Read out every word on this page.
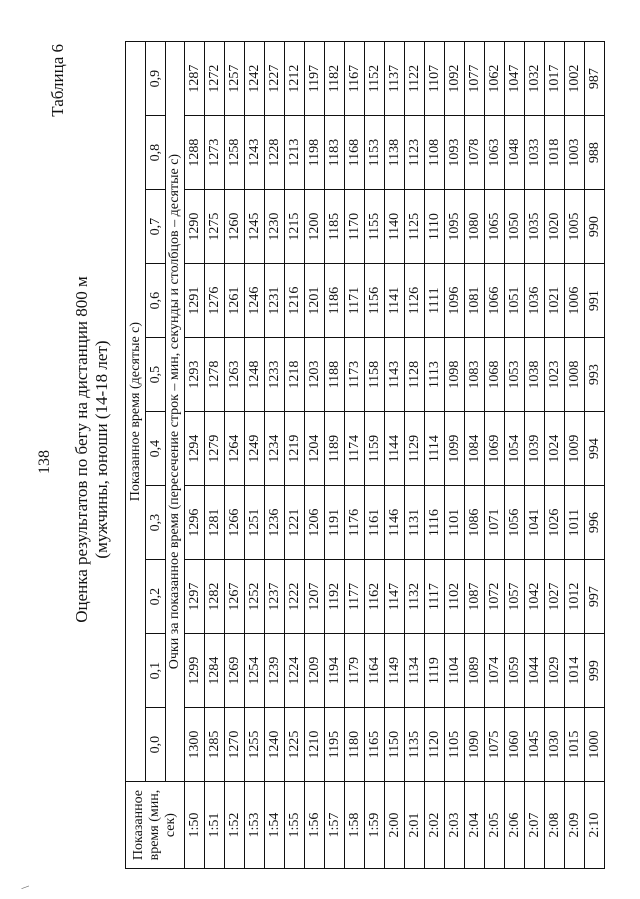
\
138
Таблица 6
Оценка результатов по бегу на дистанции 800 м (мужчины, юноши (14-18 лет)
Показанное время (мин, сек)	Показанное время (десятые с)									
	0,0	0,1	0,2	0,3	0,4	0,5	0,6	0,7	0,8	0,9
	Очки за показанное время (пересечение строк – мин, секунды и столбцов – десятые с)									
1:50	1300	1299	1297	1296	1294	1293	1291	1290	1288	1287
1:51	1285	1284	1282	1281	1279	1278	1276	1275	1273	1272
1:52	1270	1269	1267	1266	1264	1263	1261	1260	1258	1257
1:53	1255	1254	1252	1251	1249	1248	1246	1245	1243	1242
1:54	1240	1239	1237	1236	1234	1233	1231	1230	1228	1227
1:55	1225	1224	1222	1221	1219	1218	1216	1215	1213	1212
1:56	1210	1209	1207	1206	1204	1203	1201	1200	1198	1197
1:57	1195	1194	1192	1191	1189	1188	1186	1185	1183	1182
1:58	1180	1179	1177	1176	1174	1173	1171	1170	1168	1167
1:59	1165	1164	1162	1161	1159	1158	1156	1155	1153	1152
2:00	1150	1149	1147	1146	1144	1143	1141	1140	1138	1137
2:01	1135	1134	1132	1131	1129	1128	1126	1125	1123	1122
2:02	1120	1119	1117	1116	1114	1113	1111	1110	1108	1107
2:03	1105	1104	1102	1101	1099	1098	1096	1095	1093	1092
2:04	1090	1089	1087	1086	1084	1083	1081	1080	1078	1077
2:05	1075	1074	1072	1071	1069	1068	1066	1065	1063	1062
2:06	1060	1059	1057	1056	1054	1053	1051	1050	1048	1047
2:07	1045	1044	1042	1041	1039	1038	1036	1035	1033	1032
2:08	1030	1029	1027	1026	1024	1023	1021	1020	1018	1017
2:09	1015	1014	1012	1011	1009	1008	1006	1005	1003	1002
2:10	1000	999	997	996	994	993	991	990	988	987
